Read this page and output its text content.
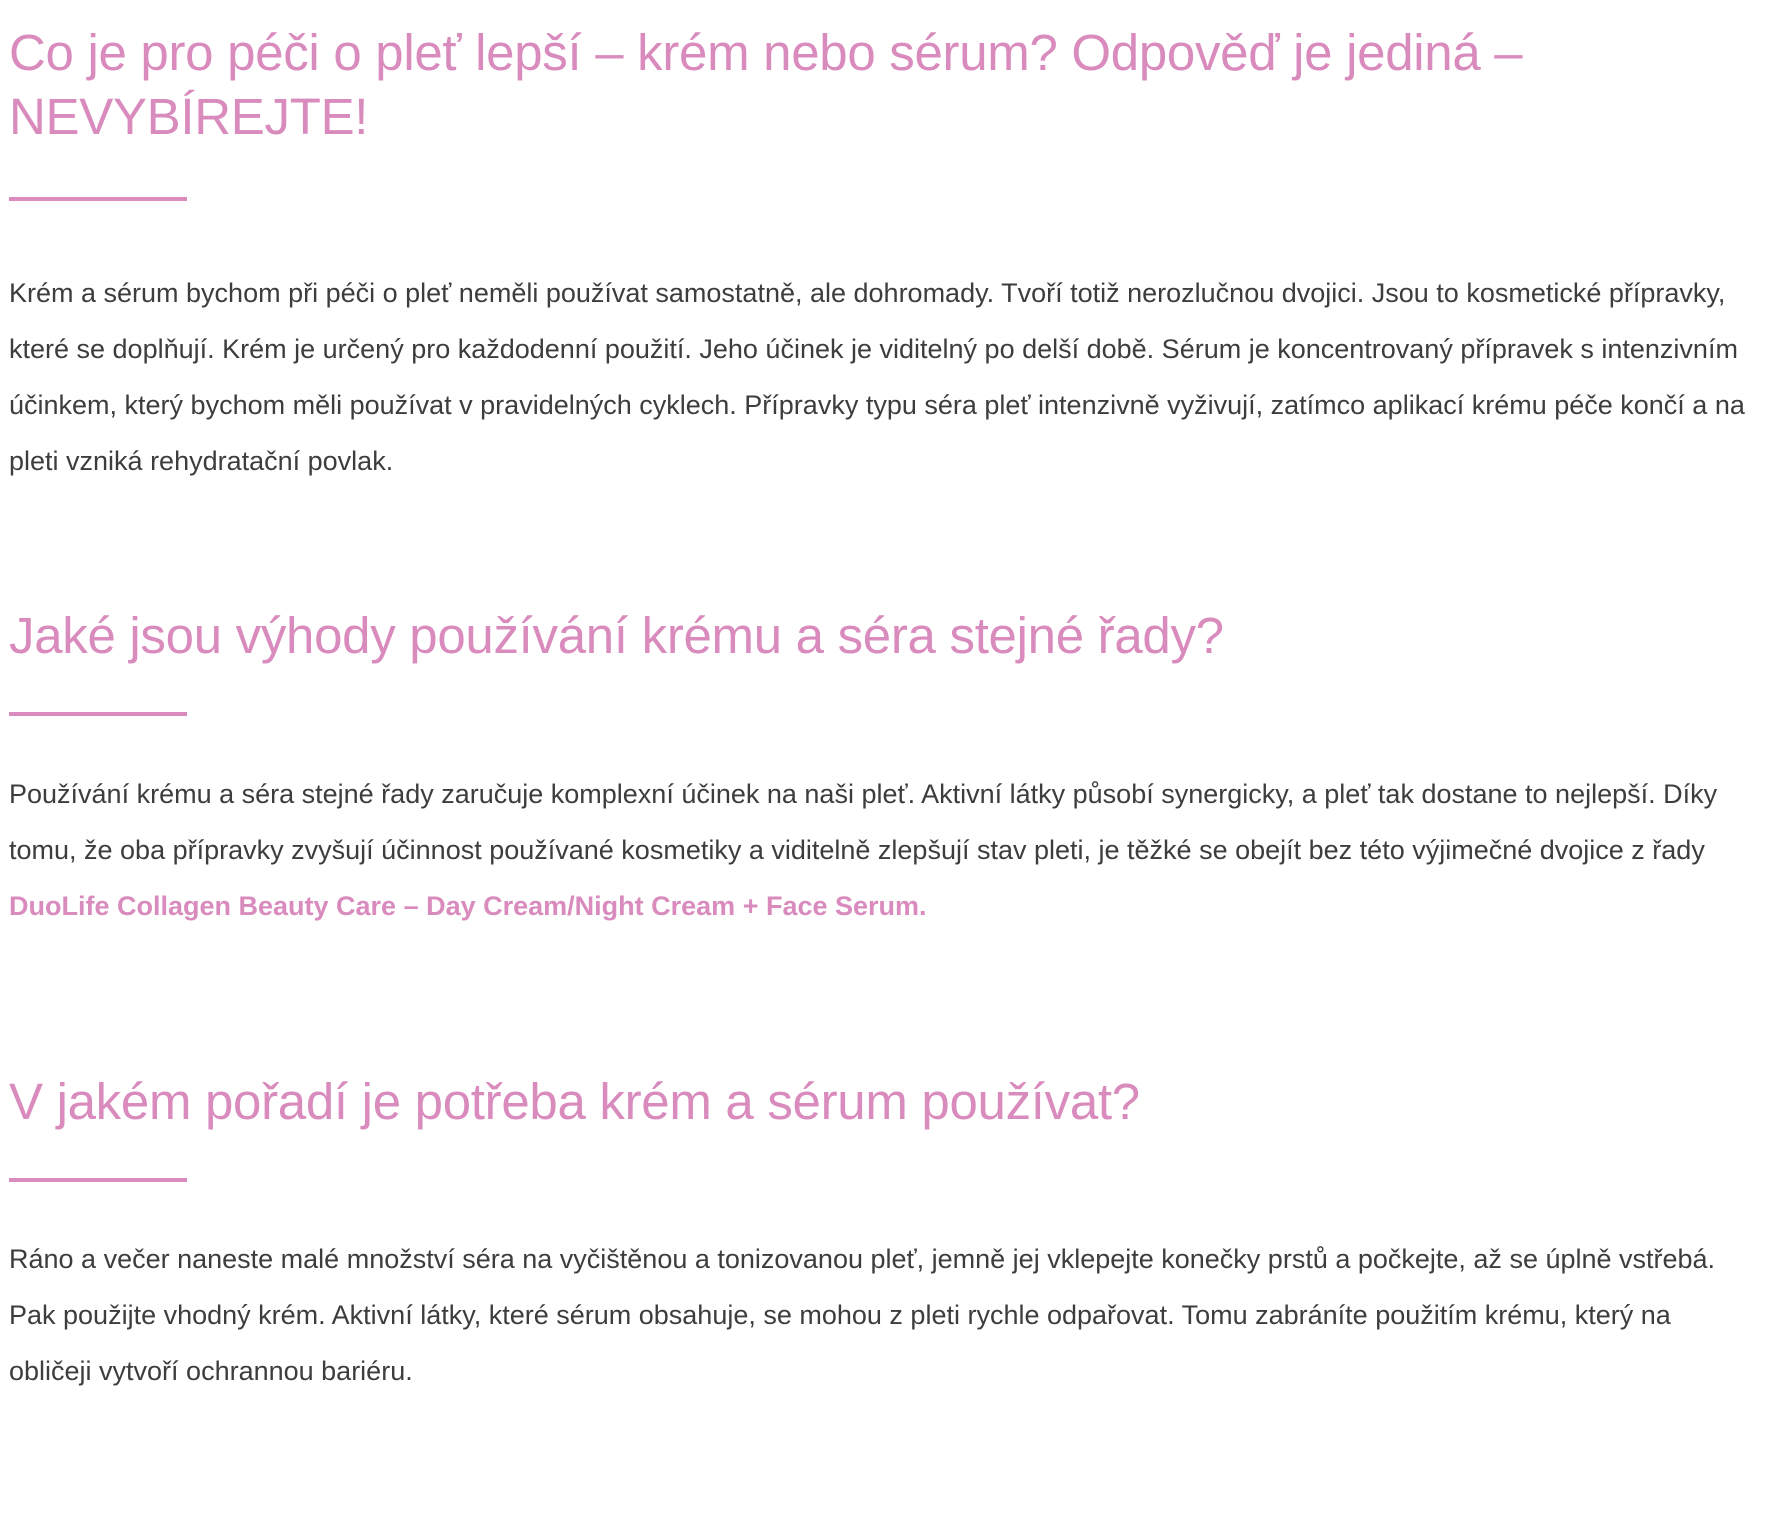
Co je pro péči o pleť lepší – krém nebo sérum? Odpověď je jediná – NEVYBÍREJTE!

Krém a sérum bychom při péči o pleť neměli používat samostatně, ale dohromady. Tvoří totiž nerozlučnou dvojici. Jsou to kosmetické přípravky, které se doplňují. Krém je určený pro každodenní použití. Jeho účinek je viditelný po delší době. Sérum je koncentrovaný přípravek s intenzivním účinkem, který bychom měli používat v pravidelných cyklech. Přípravky typu séra pleť intenzivně vyživují, zatímco aplikací krému péče končí a na pleti vzniká rehydratační povlak.

Jaké jsou výhody používání krému a séra stejné řady?

Používání krému a séra stejné řady zaručuje komplexní účinek na naši pleť. Aktivní látky působí synergicky, a pleť tak dostane to nejlepší. Díky tomu, že oba přípravky zvyšují účinnost používané kosmetiky a viditelně zlepšují stav pleti, je těžké se obejít bez této výjimečné dvojice z řady DuoLife Collagen Beauty Care – Day Cream/Night Cream + Face Serum.

V jakém pořadí je potřeba krém a sérum používat?

Ráno a večer naneste malé množství séra na vyčištěnou a tonizovanou pleť, jemně jej vklepejte konečky prstů a počkejte, až se úplně vstřebá. Pak použijte vhodný krém. Aktivní látky, které sérum obsahuje, se mohou z pleti rychle odpařovat. Tomu zabráníte použitím krému, který na obličeji vytvoří ochrannou bariéru.
